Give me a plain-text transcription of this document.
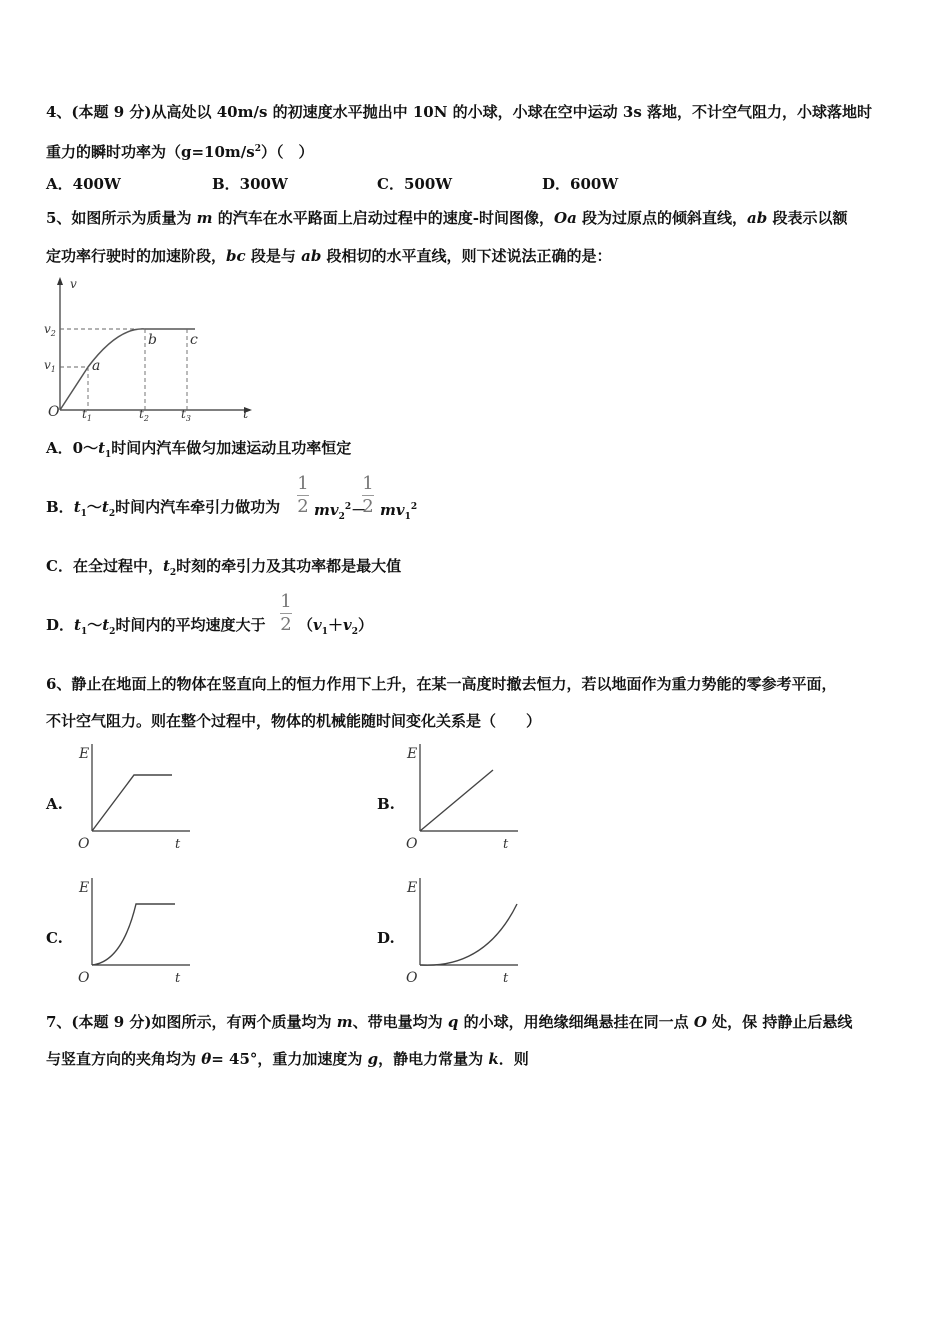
4、(本题 9 分)从高处以 40m/s 的初速度水平抛出中 10N 的小球，小球在空中运动 3s 落地，不计空气阻力，小球落地时
重力的瞬时功率为$(g=10m/s^2)$（　）
A．400W	B．300W	C．500W	D．600W
5、如图所示为质量为 m 的汽车在水平路面上启动过程中的速度-时间图像，Oa 段为过原点的倾斜直线，ab 段表示以额
定功率行驶时的加速阶段，bc 段是与 ab 段相切的水平直线，则下述说法正确的是：
v
$v_2$
$v_1$	a
b c
O $t_1$	$t_2$	$t_3$	t
A．$0\sim t_1$时间内汽车做匀加速运动且功率恒定
B．$t_1\sim t_2$时间内汽车牵引力做功为
1
2 $mv_2^2-$
1
2 $mv_1^2$
C．在全过程中，$t_2$时刻的牵引力及其功率都是最大值
D．$t_1\sim t_2$时间内的平均速度大于
1
2 $(v_1+v_2)$
6、静止在地面上的物体在竖直向上的恒力作用下上升，在某一高度时撤去恒力，若以地面作为重力势能的零参考平面，
不计空气阻力。则在整个过程中，物体的机械能随时间变化关系是（　　）
A.
E
O	t
B.
E
O	t
C.
E
O	t
D.
E
O	t
7、(本题 9 分)如图所示，有两个质量均为 m、带电量均为 q 的小球，用绝缘细绳悬挂在同一点 O 处，保 持静止后悬线
与竖直方向的夹角均为 θ= 45°，重力加速度为 g，静电力常量为 k．则
